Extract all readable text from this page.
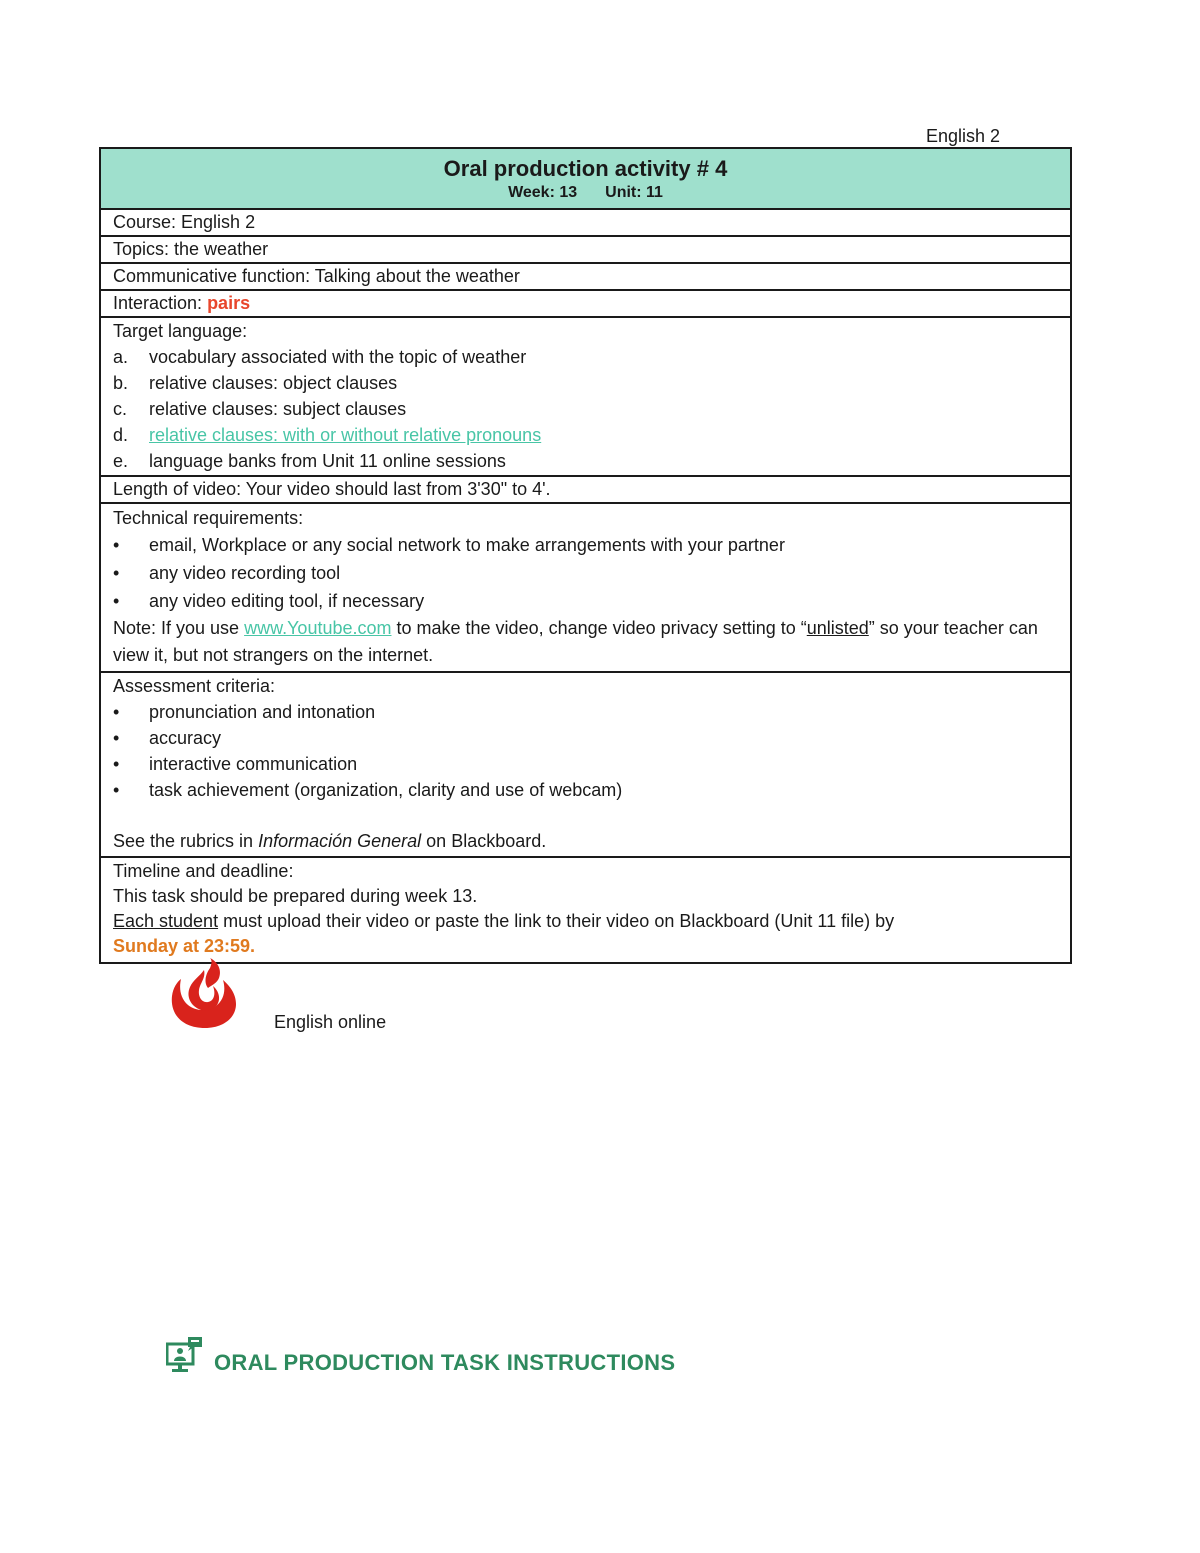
English 2
Oral production activity # 4
Week: 13 Unit: 11
Course: English 2
Topics: the weather
Communicative function: Talking about the weather
Interaction: pairs
Target language:
a.	vocabulary associated with the topic of weather
b.	relative clauses: object clauses
c.	relative clauses: subject clauses
d.	relative clauses: with or without relative pronouns
e.	language banks from Unit 11 online sessions
Length of video: Your video should last from 3'30" to 4'.
Technical requirements:
•	email, Workplace or any social network to make arrangements with your partner
•	any video recording tool
•	any video editing tool, if necessary
Note: If you use www.Youtube.com to make the video, change video privacy setting to “unlisted” so your teacher can view it, but not strangers on the internet.
Assessment criteria:
•	pronunciation and intonation
•	accuracy
•	interactive communication
•	task achievement (organization, clarity and use of webcam)
See the rubrics in Información General on Blackboard.
Timeline and deadline:
This task should be prepared during week 13.
Each student must upload their video or paste the link to their video on Blackboard (Unit 11 file) by
Sunday at 23:59.
English online
ORAL PRODUCTION TASK INSTRUCTIONS
